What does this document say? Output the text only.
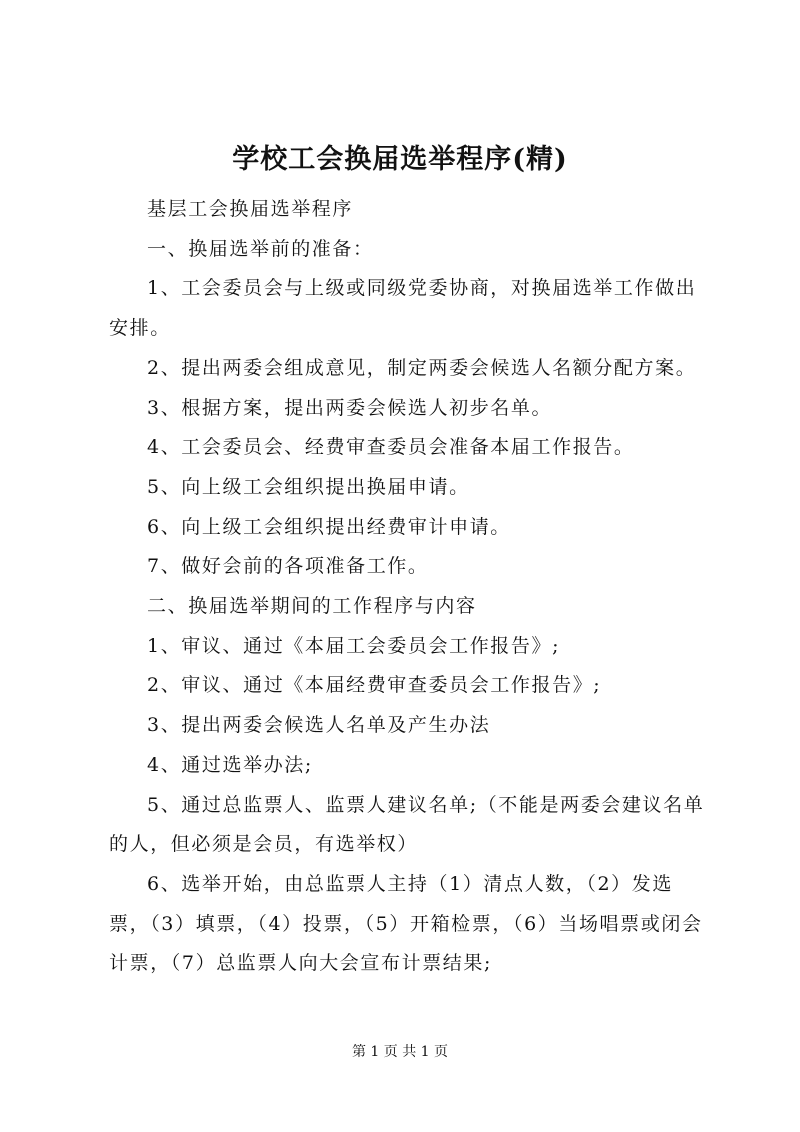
学校工会换届选举程序(精)

基层工会换届选举程序

一、换届选举前的准备：

1、工会委员会与上级或同级党委协商，对换届选举工作做出安排。

2、提出两委会组成意见，制定两委会候选人名额分配方案。

3、根据方案，提出两委会候选人初步名单。

4、工会委员会、经费审查委员会准备本届工作报告。

5、向上级工会组织提出换届申请。

6、向上级工会组织提出经费审计申请。

7、做好会前的各项准备工作。

二、换届选举期间的工作程序与内容

1、审议、通过《本届工会委员会工作报告》;

2、审议、通过《本届经费审查委员会工作报告》;

3、提出两委会候选人名单及产生办法

4、通过选举办法;

5、通过总监票人、监票人建议名单;（不能是两委会建议名单的人，但必须是会员，有选举权）

6、选举开始，由总监票人主持（1）清点人数，（2）发选票，（3）填票，（4）投票，（5）开箱检票，（6）当场唱票或闭会计票，（7）总监票人向大会宣布计票结果;

第 1 页 共 1 页
